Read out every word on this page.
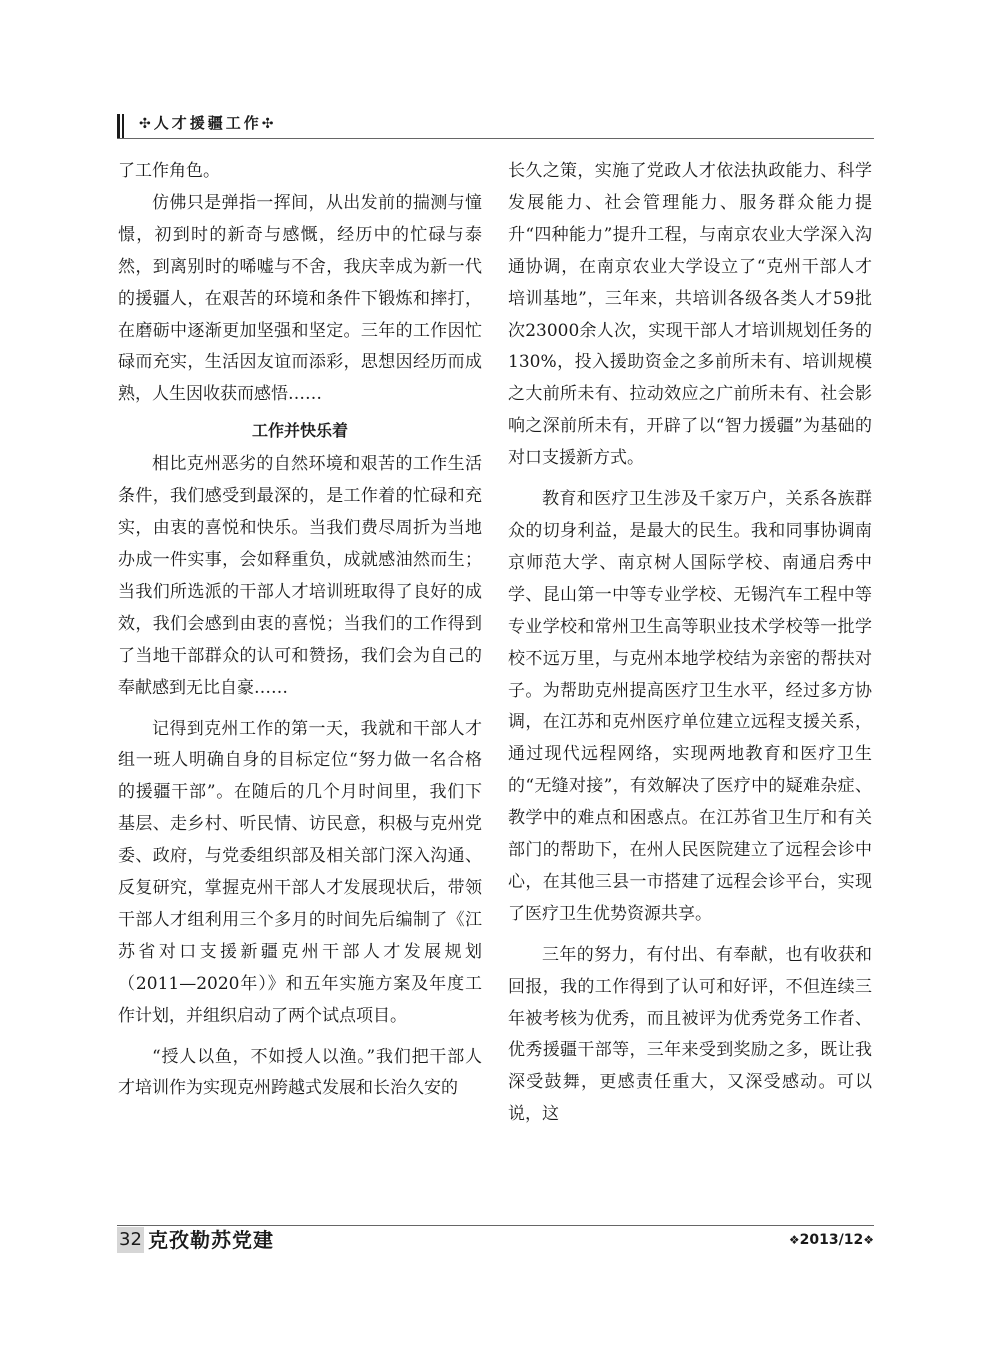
✣人才援疆工作✣

了工作角色。

仿佛只是弹指一挥间，从出发前的揣测与憧憬，初到时的新奇与感慨，经历中的忙碌与泰然，到离别时的唏嘘与不舍，我庆幸成为新一代的援疆人，在艰苦的环境和条件下锻炼和摔打，在磨砺中逐渐更加坚强和坚定。三年的工作因忙碌而充实，生活因友谊而添彩，思想因经历而成熟，人生因收获而感悟……

工作并快乐着

相比克州恶劣的自然环境和艰苦的工作生活条件，我们感受到最深的，是工作着的忙碌和充实，由衷的喜悦和快乐。当我们费尽周折为当地办成一件实事，会如释重负，成就感油然而生；当我们所选派的干部人才培训班取得了良好的成效，我们会感到由衷的喜悦；当我们的工作得到了当地干部群众的认可和赞扬，我们会为自己的奉献感到无比自豪……

记得到克州工作的第一天，我就和干部人才组一班人明确自身的目标定位“努力做一名合格的援疆干部”。在随后的几个月时间里，我们下基层、走乡村、听民情、访民意，积极与克州党委、政府，与党委组织部及相关部门深入沟通、反复研究，掌握克州干部人才发展现状后，带领干部人才组利用三个多月的时间先后编制了《江苏省对口支援新疆克州干部人才发展规划（2011—2020年）》和五年实施方案及年度工作计划，并组织启动了两个试点项目。

“授人以鱼，不如授人以渔。”我们把干部人才培训作为实现克州跨越式发展和长治久安的

长久之策，实施了党政人才依法执政能力、科学发展能力、社会管理能力、服务群众能力提升“四种能力”提升工程，与南京农业大学深入沟通协调，在南京农业大学设立了“克州干部人才培训基地”，三年来，共培训各级各类人才59批次23000余人次，实现干部人才培训规划任务的130%，投入援助资金之多前所未有、培训规模之大前所未有、拉动效应之广前所未有、社会影响之深前所未有，开辟了以“智力援疆”为基础的对口支援新方式。

教育和医疗卫生涉及千家万户，关系各族群众的切身利益，是最大的民生。我和同事协调南京师范大学、南京树人国际学校、南通启秀中学、昆山第一中等专业学校、无锡汽车工程中等专业学校和常州卫生高等职业技术学校等一批学校不远万里，与克州本地学校结为亲密的帮扶对子。为帮助克州提高医疗卫生水平，经过多方协调，在江苏和克州医疗单位建立远程支援关系，通过现代远程网络，实现两地教育和医疗卫生的“无缝对接”，有效解决了医疗中的疑难杂症、教学中的难点和困惑点。在江苏省卫生厅和有关部门的帮助下，在州人民医院建立了远程会诊中心，在其他三县一市搭建了远程会诊平台，实现了医疗卫生优势资源共享。

三年的努力，有付出、有奉献，也有收获和回报，我的工作得到了认可和好评，不但连续三年被考核为优秀，而且被评为优秀党务工作者、优秀援疆干部等，三年来受到奖励之多，既让我深受鼓舞，更感责任重大，又深受感动。可以说，这

32 克孜勒苏党建	❖2013/12❖
